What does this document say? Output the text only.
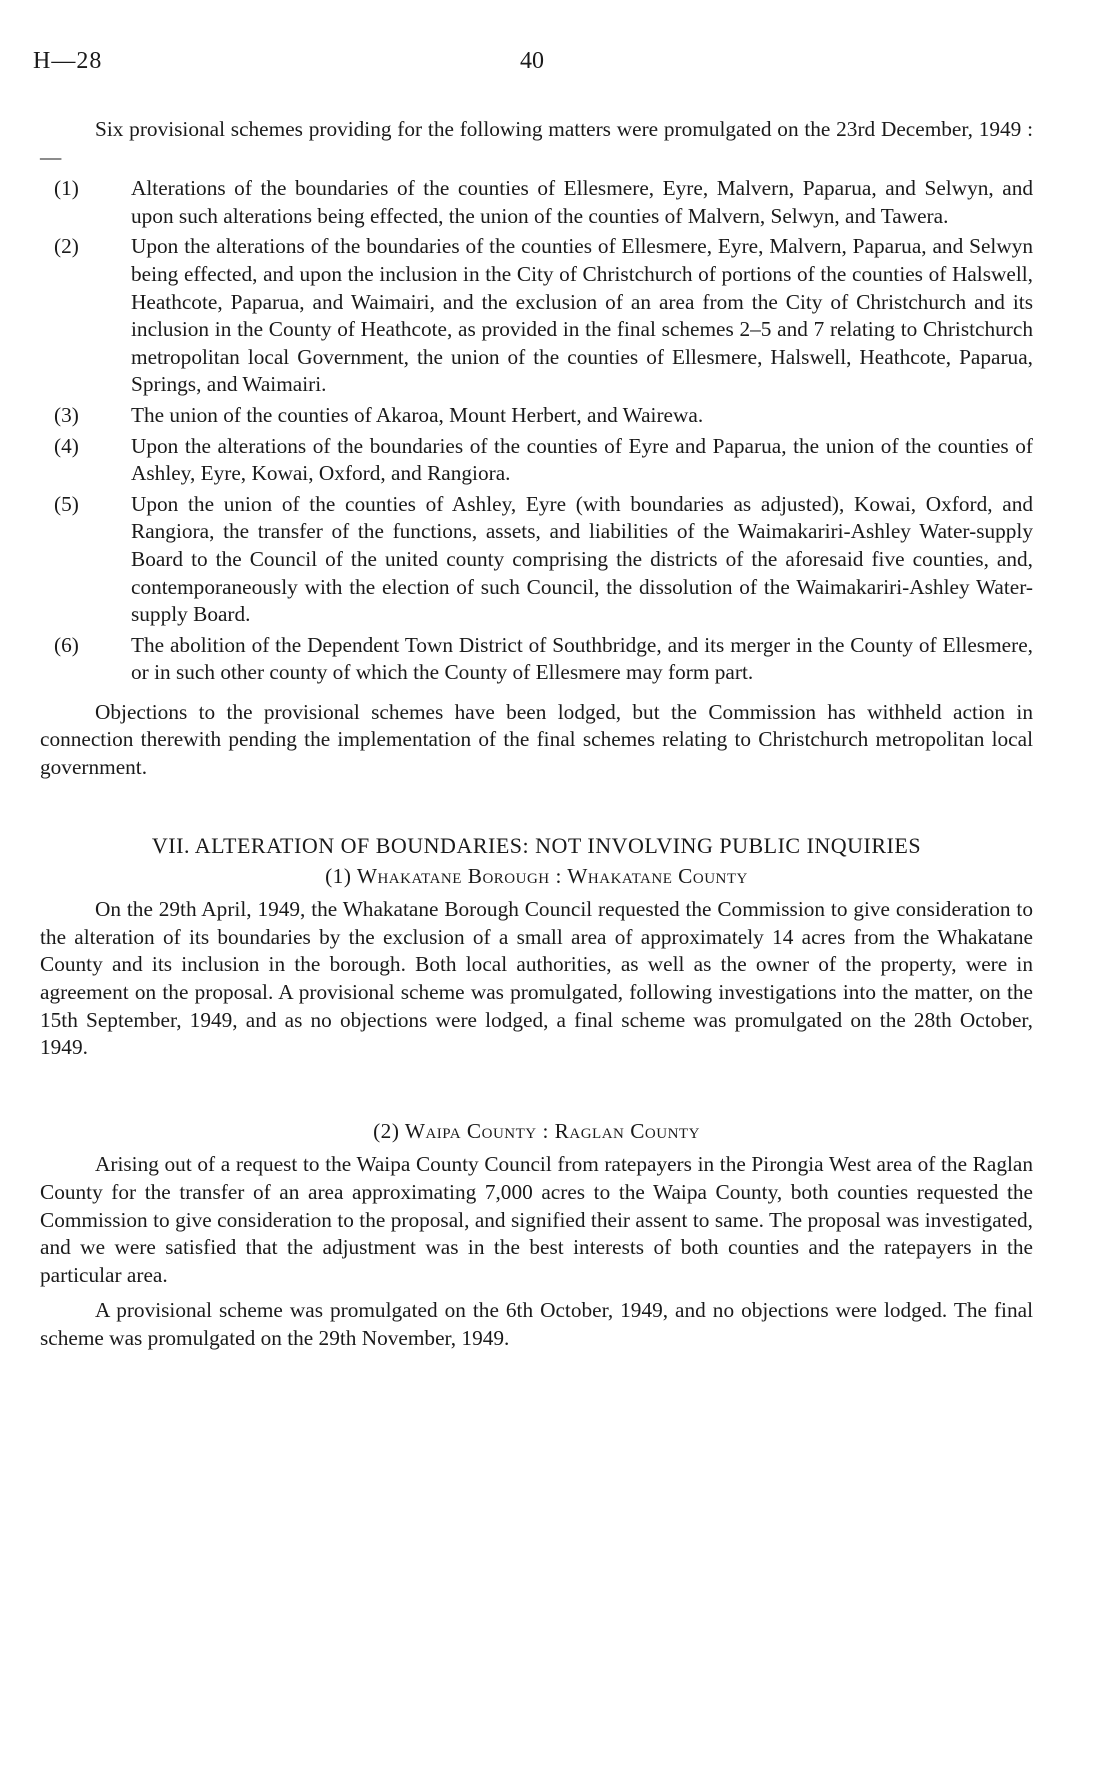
H—28	40

Six provisional schemes providing for the following matters were promulgated on the 23rd December, 1949 :—

(1)	Alterations of the boundaries of the counties of Ellesmere, Eyre, Malvern, Paparua, and Selwyn, and upon such alterations being effected, the union of the counties of Malvern, Selwyn, and Tawera.
(2)	Upon the alterations of the boundaries of the counties of Ellesmere, Eyre, Malvern, Paparua, and Selwyn being effected, and upon the inclusion in the City of Christchurch of portions of the counties of Halswell, Heathcote, Paparua, and Waimairi, and the exclusion of an area from the City of Christchurch and its inclusion in the County of Heathcote, as provided in the final schemes 2–5 and 7 relating to Christchurch metropolitan local Government, the union of the counties of Ellesmere, Halswell, Heathcote, Paparua, Springs, and Waimairi.
(3)	The union of the counties of Akaroa, Mount Herbert, and Wairewa.
(4)	Upon the alterations of the boundaries of the counties of Eyre and Paparua, the union of the counties of Ashley, Eyre, Kowai, Oxford, and Rangiora.
(5)	Upon the union of the counties of Ashley, Eyre (with boundaries as adjusted), Kowai, Oxford, and Rangiora, the transfer of the functions, assets, and liabilities of the Waimakariri-Ashley Water-supply Board to the Council of the united county comprising the districts of the aforesaid five counties, and, contemporaneously with the election of such Council, the dissolution of the Waimakariri-Ashley Water-supply Board.
(6)	The abolition of the Dependent Town District of Southbridge, and its merger in the County of Ellesmere, or in such other county of which the County of Ellesmere may form part.

Objections to the provisional schemes have been lodged, but the Commission has withheld action in connection therewith pending the implementation of the final schemes relating to Christchurch metropolitan local government.

VII. ALTERATION OF BOUNDARIES: NOT INVOLVING PUBLIC INQUIRIES
(1) Whakatane Borough : Whakatane County

On the 29th April, 1949, the Whakatane Borough Council requested the Commission to give consideration to the alteration of its boundaries by the exclusion of a small area of approximately 14 acres from the Whakatane County and its inclusion in the borough. Both local authorities, as well as the owner of the property, were in agreement on the proposal. A provisional scheme was promulgated, following investigations into the matter, on the 15th September, 1949, and as no objections were lodged, a final scheme was promulgated on the 28th October, 1949.

(2) Waipa County : Raglan County

Arising out of a request to the Waipa County Council from ratepayers in the Pirongia West area of the Raglan County for the transfer of an area approximating 7,000 acres to the Waipa County, both counties requested the Commission to give consideration to the proposal, and signified their assent to same. The proposal was investigated, and we were satisfied that the adjustment was in the best interests of both counties and the ratepayers in the particular area.

A provisional scheme was promulgated on the 6th October, 1949, and no objections were lodged. The final scheme was promulgated on the 29th November, 1949.
